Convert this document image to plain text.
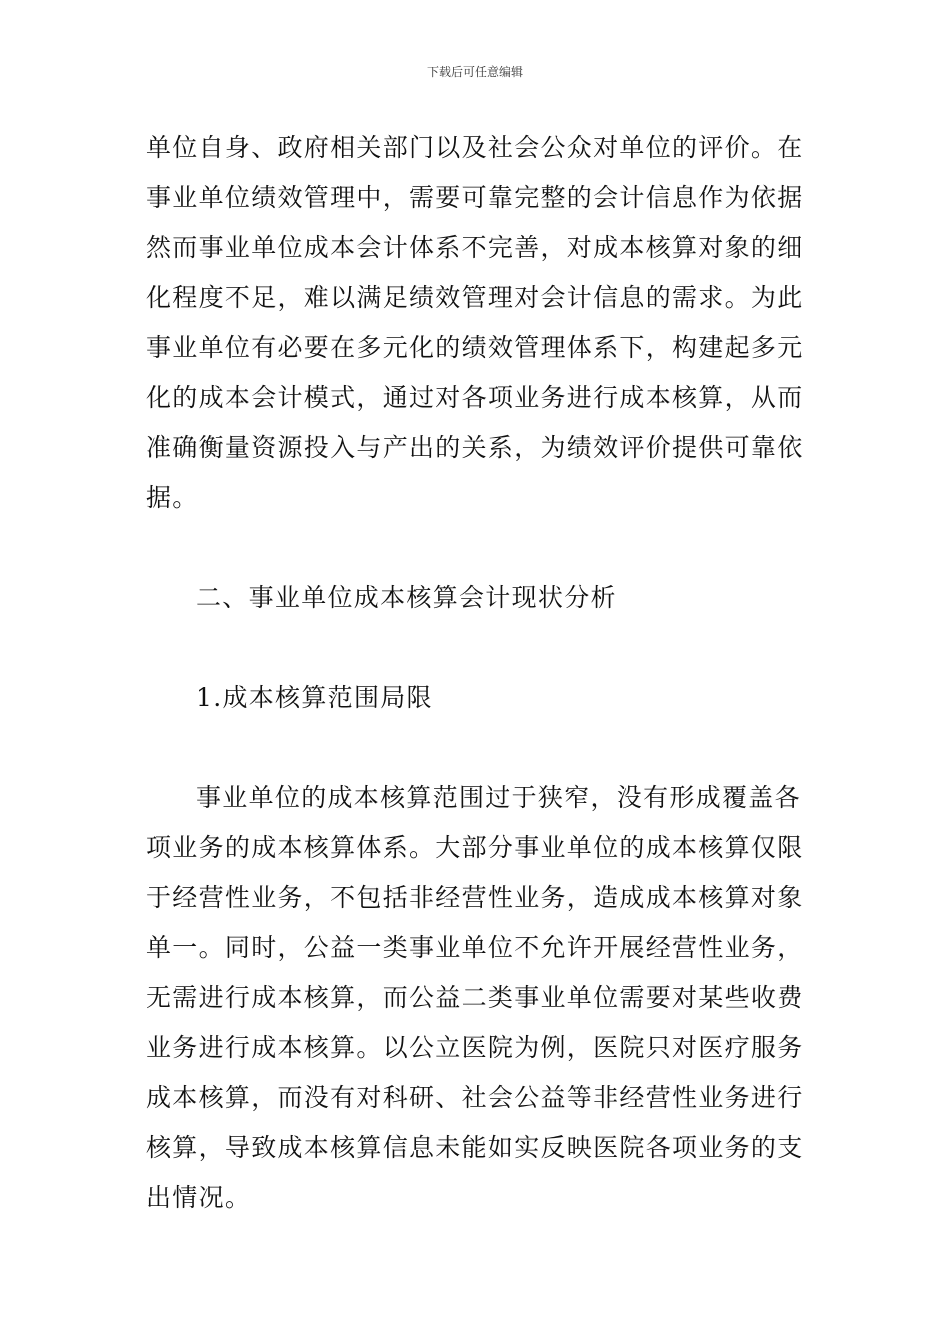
下载后可任意编辑
单位自身、政府相关部门以及社会公众对单位的评价。在
事业单位绩效管理中，需要可靠完整的会计信息作为依据
然而事业单位成本会计体系不完善，对成本核算对象的细
化程度不足，难以满足绩效管理对会计信息的需求。为此
事业单位有必要在多元化的绩效管理体系下，构建起多元
化的成本会计模式，通过对各项业务进行成本核算，从而
准确衡量资源投入与产出的关系，为绩效评价提供可靠依
据。
二、事业单位成本核算会计现状分析
1.成本核算范围局限
事业单位的成本核算范围过于狭窄，没有形成覆盖各
项业务的成本核算体系。大部分事业单位的成本核算仅限
于经营性业务，不包括非经营性业务，造成成本核算对象
单一。同时，公益一类事业单位不允许开展经营性业务，
无需进行成本核算，而公益二类事业单位需要对某些收费
业务进行成本核算。以公立医院为例，医院只对医疗服务
成本核算，而没有对科研、社会公益等非经营性业务进行
核算，导致成本核算信息未能如实反映医院各项业务的支
出情况。
